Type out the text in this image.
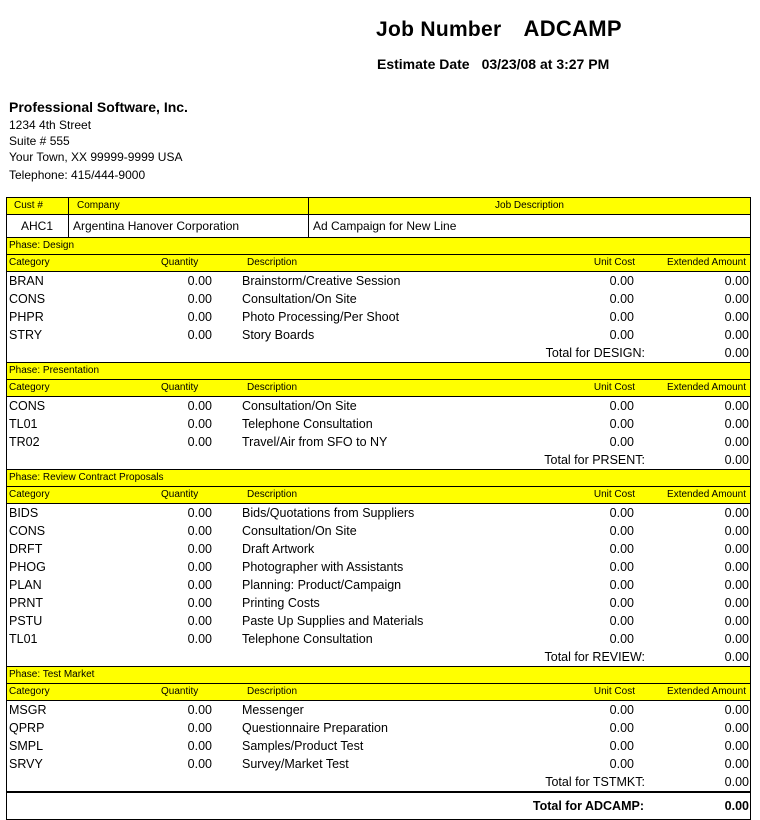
Job Number ADCAMP
Estimate Date 03/23/08 at 3:27 PM
Professional Software, Inc.
1234 4th Street
Suite # 555
Your Town, XX 99999-9999 USA
Telephone: 415/444-9000
Cust #	Company	Job Description
AHC1	Argentina Hanover Corporation	Ad Campaign for New Line
Phase: Design
Category	Quantity	Description	Unit Cost	Extended Amount
BRAN	0.00 Brainstorm/Creative Session	0.00	0.00
CONS	0.00 Consultation/On Site	0.00	0.00
PHPR	0.00 Photo Processing/Per Shoot	0.00	0.00
STRY	0.00 Story Boards	0.00	0.00
Total for DESIGN:	0.00
Phase: Presentation
Category	Quantity	Description	Unit Cost	Extended Amount
CONS	0.00 Consultation/On Site	0.00	0.00
TL01	0.00 Telephone Consultation	0.00	0.00
TR02	0.00 Travel/Air from SFO to NY	0.00	0.00
Total for PRSENT:	0.00
Phase: Review Contract Proposals
Category	Quantity	Description	Unit Cost	Extended Amount
BIDS	0.00 Bids/Quotations from Suppliers	0.00	0.00
CONS	0.00 Consultation/On Site	0.00	0.00
DRFT	0.00 Draft Artwork	0.00	0.00
PHOG	0.00 Photographer with Assistants	0.00	0.00
PLAN	0.00 Planning: Product/Campaign	0.00	0.00
PRNT	0.00 Printing Costs	0.00	0.00
PSTU	0.00 Paste Up Supplies and Materials	0.00	0.00
TL01	0.00 Telephone Consultation	0.00	0.00
Total for REVIEW:	0.00
Phase: Test Market
Category	Quantity	Description	Unit Cost	Extended Amount
MSGR	0.00 Messenger	0.00	0.00
QPRP	0.00 Questionnaire Preparation	0.00	0.00
SMPL	0.00 Samples/Product Test	0.00	0.00
SRVY	0.00 Survey/Market Test	0.00	0.00
Total for TSTMKT:	0.00
Total for ADCAMP:	0.00
